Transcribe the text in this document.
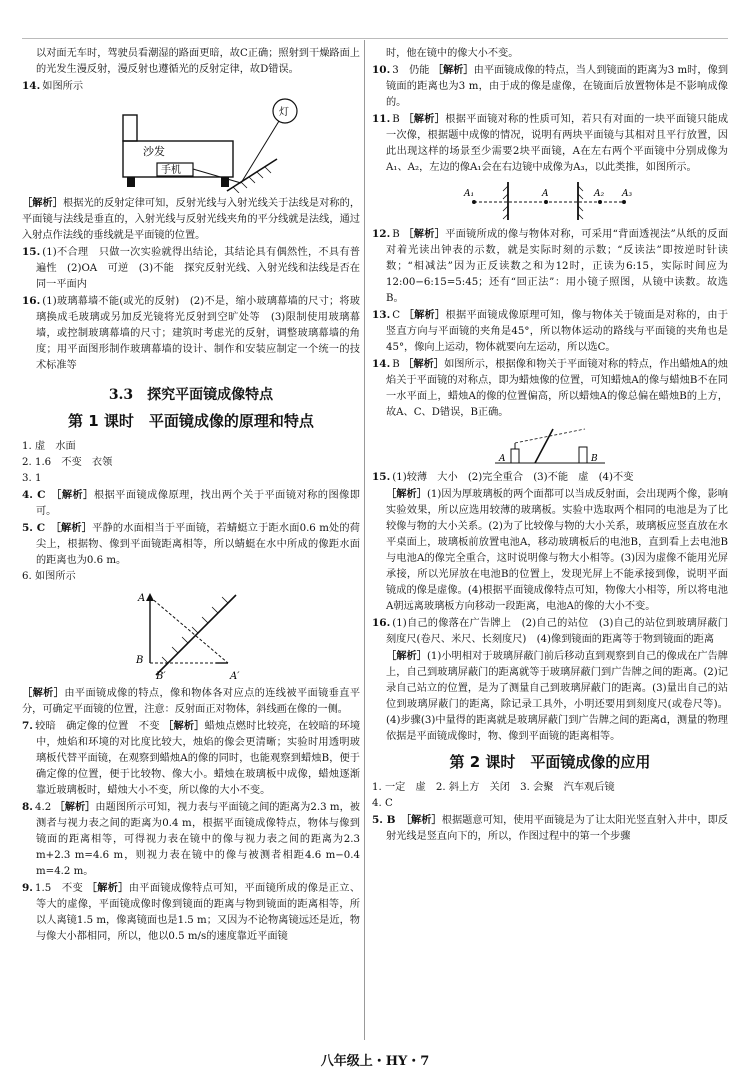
以对面无车时，驾驶员看潮湿的路面更暗，故C正确；照射到干燥路面上的光发生漫反射，漫反射也遵循光的反射定律，故D错误。
14. 如图所示
沙发
手机
灯
［解析］根据光的反射定律可知，反射光线与入射光线关于法线是对称的，平面镜与法线是垂直的，入射光线与反射光线夹角的平分线就是法线，通过入射点作法线的垂线就是平面镜的位置。
15. (1)不合理　只做一次实验就得出结论，其结论具有偶然性，不具有普遍性　(2)OA　可逆　(3)不能　探究反射光线、入射光线和法线是否在同一平面内
16. (1)玻璃幕墙不能(或光的反射)　(2)不是，缩小玻璃幕墙的尺寸；将玻璃换成毛玻璃或另加反光镜将光反射到空旷处等　(3)限制使用玻璃幕墙，或控制玻璃幕墙的尺寸；建筑时考虑光的反射，调整玻璃幕墙的角度；用平面图形制作玻璃幕墙的设计、制作和安装应制定一个统一的技术标准等
3.3　探究平面镜成像特点
第 1 课时　平面镜成像的原理和特点
1. 虚　水面
2. 1.6　不变　衣领
3. 1
4. C ［解析］根据平面镜成像原理，找出两个关于平面镜对称的图像即可。
5. C ［解析］平静的水面相当于平面镜，若蜻蜓立于距水面0.6 m处的荷尖上，根据物、像到平面镜距离相等，所以蜻蜓在水中所成的像距水面的距离也为0.6 m。
6. 如图所示
A
B
B′	A′
［解析］由平面镜成像的特点，像和物体各对应点的连线被平面镜垂直平分，可确定平面镜的位置，注意：反射面正对物体，斜线画在像的一侧。
7. 较暗　确定像的位置　不变 ［解析］蜡烛点燃时比较亮，在较暗的环境中，烛焰和环境的对比度比较大，烛焰的像会更清晰；实验时用透明玻璃板代替平面镜，在观察到蜡烛A的像的同时，也能观察到蜡烛B，便于确定像的位置，便于比较物、像大小。蜡烛在玻璃板中成像，蜡烛逐渐靠近玻璃板时，蜡烛大小不变，所以像的大小不变。
8. 4.2 ［解析］由题图所示可知，视力表与平面镜之间的距离为2.3 m，被测者与视力表之间的距离为0.4 m，根据平面镜成像特点，物体与像到镜面的距离相等，可得视力表在镜中的像与视力表之间的距离为2.3 m+2.3 m=4.6 m，则视力表在镜中的像与被测者相距4.6 m−0.4 m=4.2 m。
9. 1.5　不变 ［解析］由平面镜成像特点可知，平面镜所成的像是正立、等大的虚像，平面镜成像时像到镜面的距离与物到镜面的距离相等，所以人离镜1.5 m，像离镜面也是1.5 m；又因为不论物离镜远还是近，物与像大小都相同，所以，他以0.5 m/s的速度靠近平面镜
时，他在镜中的像大小不变。
10. 3　仍能 ［解析］由平面镜成像的特点，当人到镜面的距离为3 m时，像到镜面的距离也为3 m，由于成的像是虚像，在镜面后放置物体是不影响成像的。
11. B ［解析］根据平面镜对称的性质可知，若只有对面的一块平面镜只能成一次像，根据题中成像的情况，说明有两块平面镜与其相对且平行放置，因此出现这样的场景至少需要2块平面镜，A在左右两个平面镜中分别成像为A₁、A₂，左边的像A₁会在右边镜中成像为A₃，以此类推，如图所示。
A₁	A	A₂ A₃
12. B ［解析］平面镜所成的像与物体对称，可采用“背面透视法”从纸的反面对着光读出钟表的示数，就是实际时刻的示数；“反读法”即按逆时针读数；“相减法”因为正反读数之和为12时，正读为6:15，实际时间应为12:00−6:15=5:45；还有“回正法”：用小镜子照图，从镜中读数。故选B。
13. C ［解析］根据平面镜成像原理可知，像与物体关于镜面是对称的，由于竖直方向与平面镜的夹角是45°，所以物体运动的路线与平面镜的夹角也是45°，像向上运动，物体就要向左运动，所以选C。
14. B ［解析］如图所示，根据像和物关于平面镜对称的特点，作出蜡烛A的烛焰关于平面镜的对称点，即为蜡烛像的位置，可知蜡烛A的像与蜡烛B不在同一水平面上，蜡烛A的像的位置偏高，所以蜡烛A的像总偏在蜡烛B的上方，故A、C、D错误，B正确。
A	B
15. (1)较薄　大小　(2)完全重合　(3)不能　虚　(4)不变
［解析］(1)因为厚玻璃板的两个面都可以当成反射面，会出现两个像，影响实验效果，所以应选用较薄的玻璃板。实验中选取两个相同的电池是为了比较像与物的大小关系。(2)为了比较像与物的大小关系，玻璃板应竖直放在水平桌面上，玻璃板前放置电池A，移动玻璃板后的电池B，直到看上去电池B与电池A的像完全重合，这时说明像与物大小相等。(3)因为虚像不能用光屏承接，所以光屏放在电池B的位置上，发现光屏上不能承接到像，说明平面镜成的像是虚像。(4)根据平面镜成像特点可知，物像大小相等，所以将电池A朝远离玻璃板方向移动一段距离，电池A的像的大小不变。
16. (1)自己的像落在广告牌上　(2)自己的站位　(3)自己的站位到玻璃屏蔽门　刻度尺(卷尺、米尺、长刻度尺)　(4)像到镜面的距离等于物到镜面的距离
［解析］(1)小明相对于玻璃屏蔽门前后移动直到观察到自己的像成在广告牌上，自己到玻璃屏蔽门的距离就等于玻璃屏蔽门到广告牌之间的距离。(2)记录自己站立的位置，是为了测量自己到玻璃屏蔽门的距离。(3)量出自己的站位到玻璃屏蔽门的距离，除记录工具外，小明还要用到刻度尺(或卷尺等)。(4)步骤(3)中量得的距离就是玻璃屏蔽门到广告牌之间的距离d，测量的物理依据是平面镜成像时，物、像到平面镜的距离相等。
第 2 课时　平面镜成像的应用
1. 一定　虚　2. 斜上方　关闭　3. 会聚　汽车观后镜
4. C
5. B ［解析］根据题意可知，使用平面镜是为了让太阳光竖直射入井中，即反射光线是竖直向下的，所以，作图过程中的第一个步骤
八年级上・HY・7
